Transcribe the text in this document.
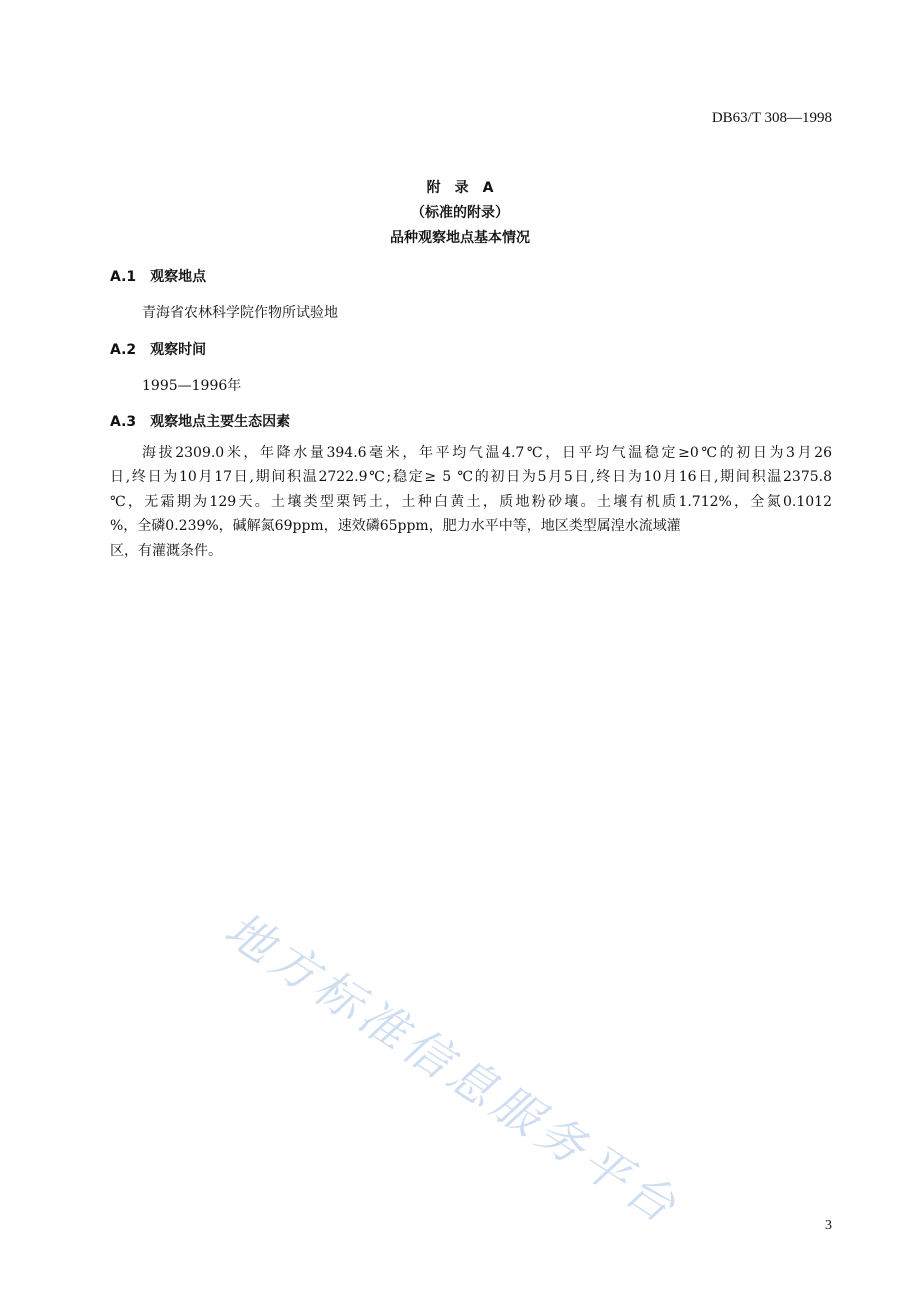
DB63/T 308—1998
附　录　A
（标准的附录）
品种观察地点基本情况
A.1　观察地点
青海省农林科学院作物所试验地
A.2　观察时间
1995—1996年
A.3　观察地点主要生态因素
海拔2309.0米，年降水量394.6毫米，年平均气温4.7℃，日平均气温稳定≥0℃的初日为3月26
日,终日为10月17日,期间积温2722.9℃;稳定≥ 5 ℃的初日为5月5日,终日为10月16日,期间积温2375.8
℃，无霜期为129天。土壤类型栗钙土，土种白黄土，质地粉砂壤。土壤有机质1.712%，全氮0.1012
%，全磷0.239%，碱解氮69ppm，速效磷65ppm，肥力水平中等，地区类型属湟水流域灌
区，有灌溉条件。
地方标准信息服务平台	3
